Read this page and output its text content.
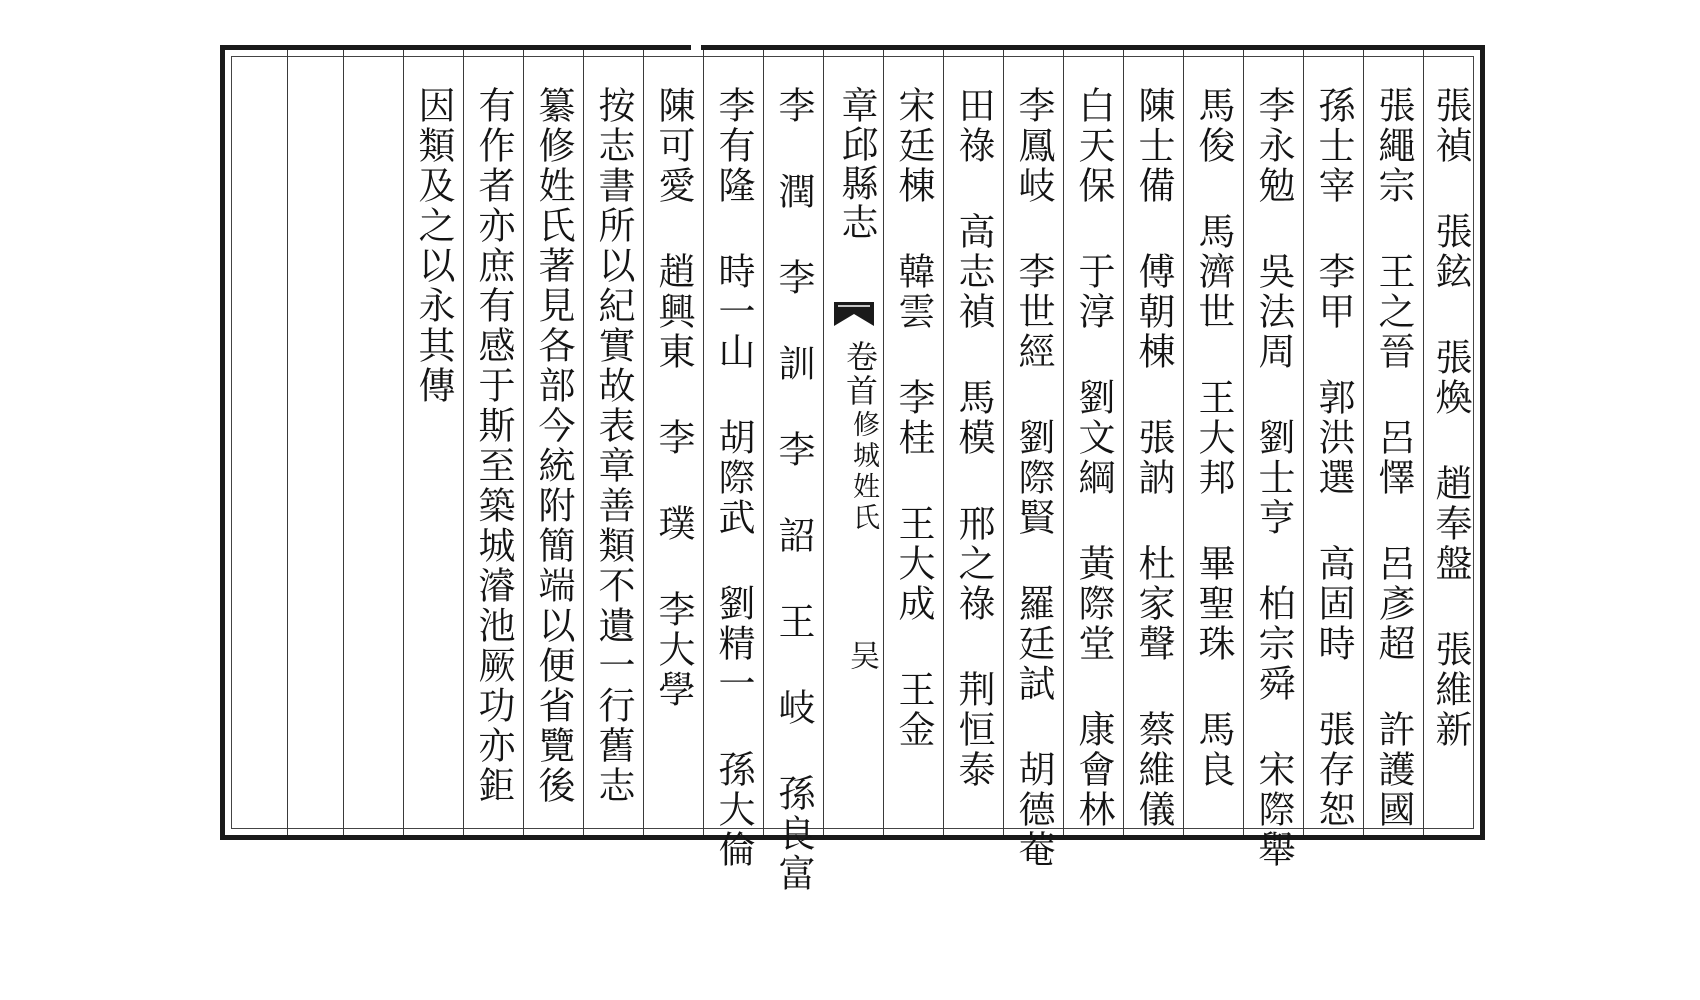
因類及之以永其傳 有作者亦庶有感于斯至築城濬池厥功亦鉅 纂修姓氏著見各部今統附簡端以便省覽後 按志書所以紀實故表章善類不遺一行舊志 陳可愛 趙興東 李 璞 李大學 李有隆 時一山 胡際武 劉精一 孫大倫 李 潤 李 訓 李 詔 王 岐 孫良富 章邱縣志
卷首
修城姓氏
吴 宋廷棟 韓雲 李桂 王大成 王金 田祿 高志禎 馬模 邢之祿 荆恒泰 李鳳岐 李世經 劉際賢 羅廷試 胡德菴 白天保 于淳 劉文綱 黃際堂 康會林 陳士備 傅朝棟 張訥 杜家聲 蔡維儀 馬俊 馬濟世 王大邦 畢聖珠 馬良 李永勉 吳法周 劉士亨 柏宗舜 宋際舉 孫士宰 李甲 郭洪選 高固時 張存恕 張繩宗 王之晉 呂懌 呂彥超 許護國 張禎 張鉉 張煥 趙奉盤 張維新
